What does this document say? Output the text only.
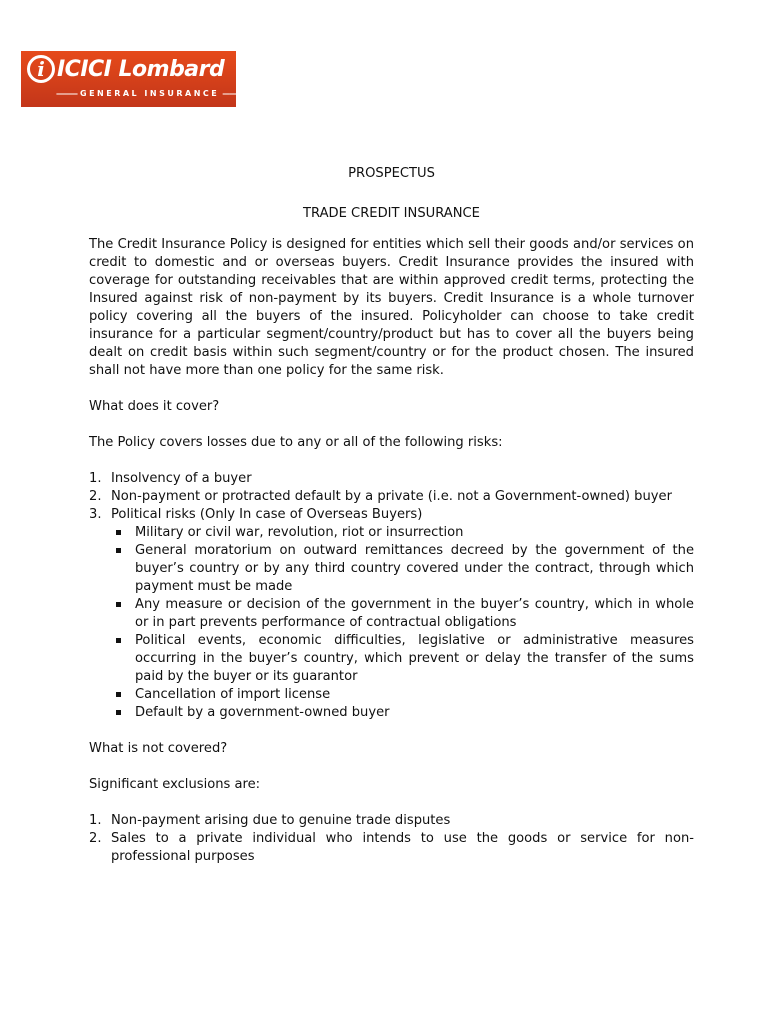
i ICICI Lombard
——— GENERAL INSURANCE ———

PROSPECTUS

TRADE CREDIT INSURANCE

The Credit Insurance Policy is designed for entities which sell their goods and/or services on credit to domestic and or overseas buyers. Credit Insurance provides the insured with coverage for outstanding receivables that are within approved credit terms, protecting the Insured against risk of non-payment by its buyers. Credit Insurance is a whole turnover policy covering all the buyers of the insured. Policyholder can choose to take credit insurance for a particular segment/country/product but has to cover all the buyers being dealt on credit basis within such segment/country or for the product chosen. The insured shall not have more than one policy for the same risk.

What does it cover?

The Policy covers losses due to any or all of the following risks:

1. Insolvency of a buyer
2. Non-payment or protracted default by a private (i.e. not a Government-owned) buyer
3. Political risks (Only In case of Overseas Buyers)
Military or civil war, revolution, riot or insurrection
General moratorium on outward remittances decreed by the government of the buyer’s country or by any third country covered under the contract, through which payment must be made
Any measure or decision of the government in the buyer’s country, which in whole or in part prevents performance of contractual obligations
Political events, economic difficulties, legislative or administrative measures occurring in the buyer’s country, which prevent or delay the transfer of the sums paid by the buyer or its guarantor
Cancellation of import license
Default by a government-owned buyer

What is not covered?

Significant exclusions are:

1. Non-payment arising due to genuine trade disputes
2. Sales to a private individual who intends to use the goods or service for non-professional purposes
